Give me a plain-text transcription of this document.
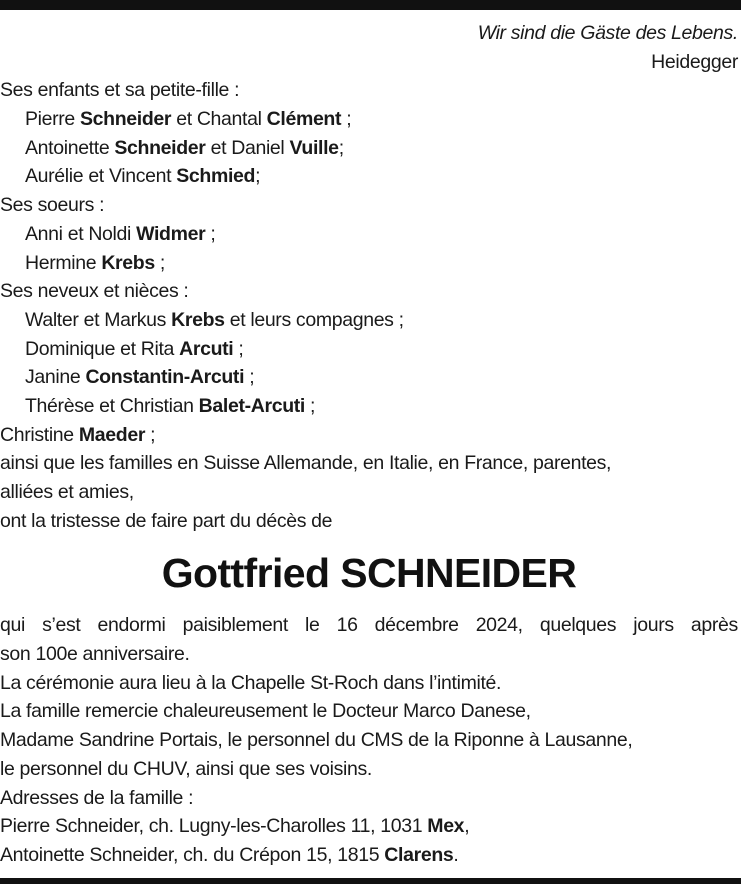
Wir sind die Gäste des Lebens.
Heidegger
Ses enfants et sa petite-fille :
Pierre Schneider et Chantal Clément ;
Antoinette Schneider et Daniel Vuille;
Aurélie et Vincent Schmied;
Ses soeurs :
Anni et Noldi Widmer ;
Hermine Krebs ;
Ses neveux et nièces :
Walter et Markus Krebs et leurs compagnes ;
Dominique et Rita Arcuti ;
Janine Constantin-Arcuti ;
Thérèse et Christian Balet-Arcuti ;
Christine Maeder ;
ainsi que les familles en Suisse Allemande, en Italie, en France, parentes,
alliées et amies,
ont la tristesse de faire part du décès de
Gottfried SCHNEIDER
qui s’est endormi paisiblement le 16 décembre 2024, quelques jours après
son 100e anniversaire.
La cérémonie aura lieu à la Chapelle St-Roch dans l’intimité.
La famille remercie chaleureusement le Docteur Marco Danese,
Madame Sandrine Portais, le personnel du CMS de la Riponne à Lausanne,
le personnel du CHUV, ainsi que ses voisins.
Adresses de la famille :
Pierre Schneider, ch. Lugny-les-Charolles 11, 1031 Mex,
Antoinette Schneider, ch. du Crépon 15, 1815 Clarens.
